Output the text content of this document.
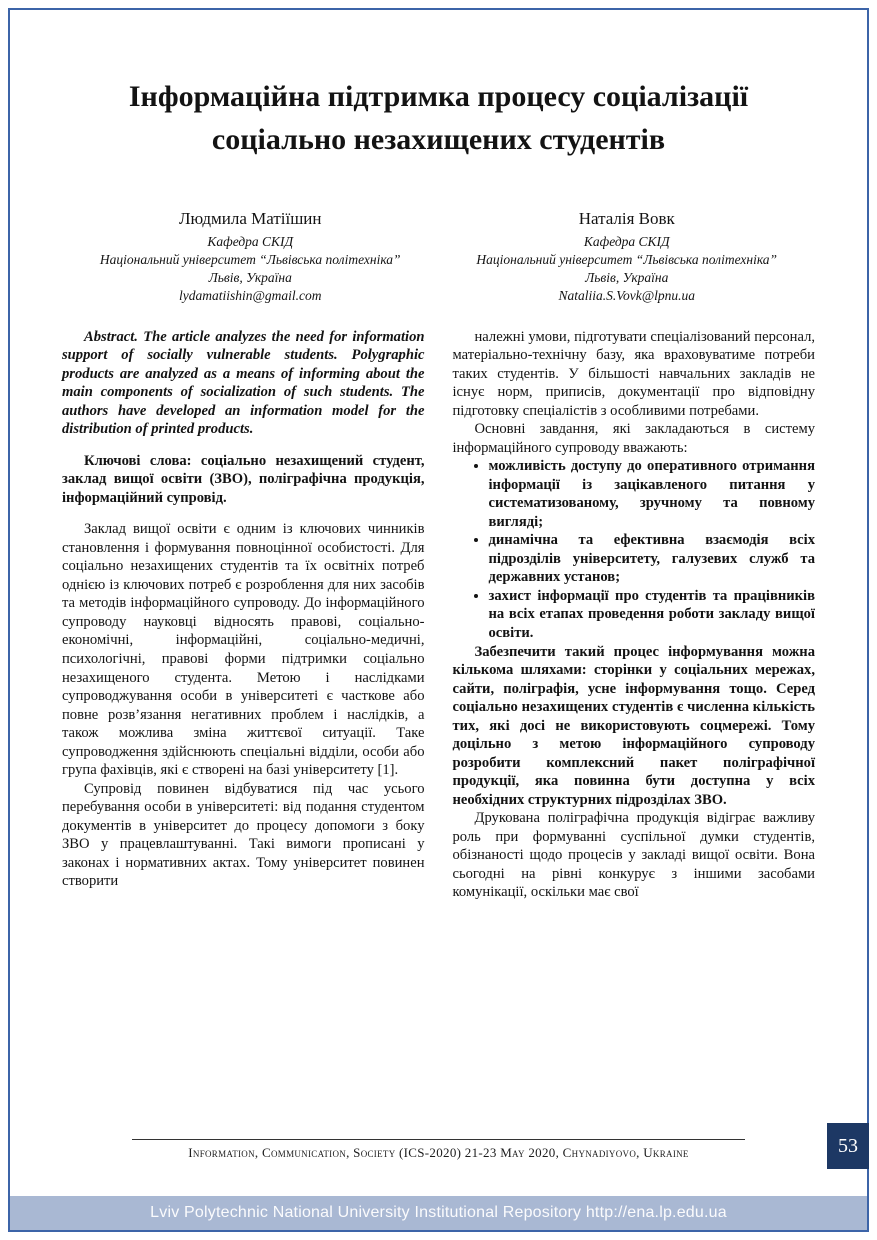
Інформаційна підтримка процесу соціалізації соціально незахищених студентів
Людмила Матіїшин
Кафедра СКІД
Національний університет “Львівська політехніка”
Львів, Україна
lydamatiishin@gmail.com
Наталія Вовк
Кафедра СКІД
Національний університет “Львівська політехніка”
Львів, Україна
Nataliia.S.Vovk@lpnu.ua

Abstract. The article analyzes the need for information support of socially vulnerable students. Polygraphic products are analyzed as a means of informing about the main components of socialization of such students. The authors have developed an information model for the distribution of printed products.

Ключові слова: соціально незахищений студент, заклад вищої освіти (ЗВО), поліграфічна продукція, інформаційний супровід.

Заклад вищої освіти є одним із ключових чинників становлення і формування повноцінної особистості. Для соціально незахищених студентів та їх освітніх потреб однією із ключових потреб є розроблення для них засобів та методів інформаційного супроводу. До інформаційного супроводу науковці відносять правові, соціально-економічні, інформаційні, соціально-медичні, психологічні, правові форми підтримки соціально незахищеного студента. Метою і наслідками супроводжування особи в університеті є часткове або повне розв’язання негативних проблем і наслідків, а також можлива зміна життєвої ситуації. Таке супроводження здійснюють спеціальні відділи, особи або група фахівців, які є створені на базі університету [1].

Супровід повинен відбуватися під час усього перебування особи в університеті: від подання студентом документів в університет до процесу допомоги з боку ЗВО у працевлаштуванні. Такі вимоги прописані у законах і нормативних актах. Тому університет повинен створити

належні умови, підготувати спеціалізований персонал, матеріально-технічну базу, яка враховуватиме потреби таких студентів. У більшості навчальних закладів не існує норм, приписів, документації про відповідну підготовку спеціалістів з особливими потребами.

Основні завдання, які закладаються в систему інформаційного супроводу вважають:

• можливість доступу до оперативного отримання інформації із зацікавленого питання у систематизованому, зручному та повному вигляді;
• динамічна та ефективна взаємодія всіх підрозділів університету, галузевих служб та державних установ;
• захист інформації про студентів та працівників на всіх етапах проведення роботи закладу вищої освіти.

Забезпечити такий процес інформування можна кількома шляхами: сторінки у соціальних мережах, сайти, поліграфія, усне інформування тощо. Серед соціально незахищених студентів є численна кількість тих, які досі не використовують соцмережі. Тому доцільно з метою інформаційного супроводу розробити комплексний пакет поліграфічної продукції, яка повинна бути доступна у всіх необхідних структурних підрозділах ЗВО.

Друкована поліграфічна продукція відіграє важливу роль при формуванні суспільної думки студентів, обізнаності щодо процесів у закладі вищої освіти. Вона сьогодні на рівні конкурує з іншими засобами комунікації, оскільки має свої

Information, Communication, Society (ICS-2020) 21-23 May 2020, Chynadiyovo, Ukraine	53
Lviv Polytechnic National University Institutional Repository http://ena.lp.edu.ua
